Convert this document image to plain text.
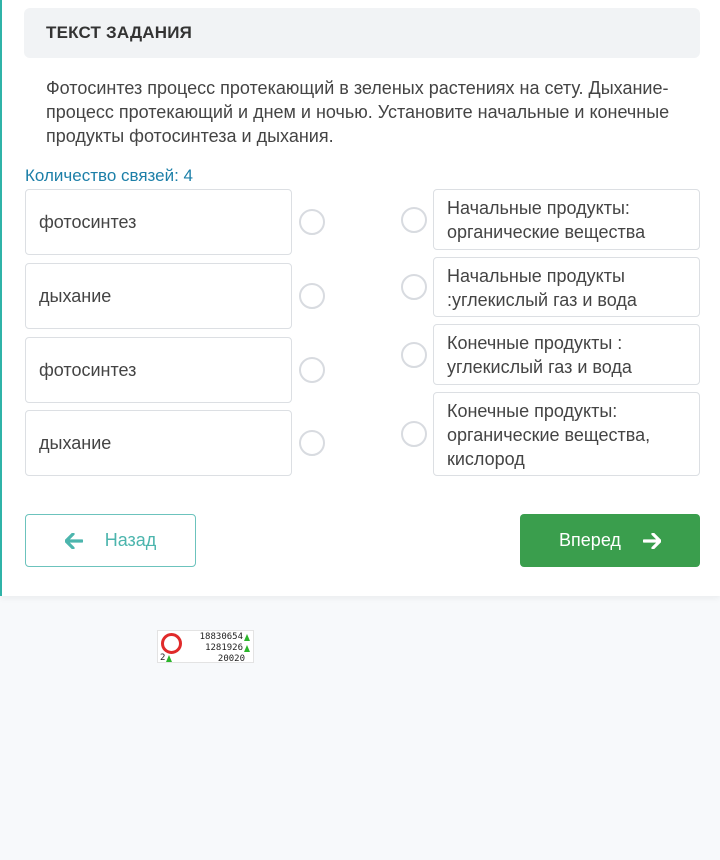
ТЕКСТ ЗАДАНИЯ
Фотосинтез процесс протекающий в зеленых растениях на сету. Дыхание- процесс протекающий и днем и ночью. Установите начальные и конечные продукты фотосинтеза и дыхания.
Количество связей: 4
фотосинтез
дыхание
фотосинтез
дыхание
Начальные продукты: органические вещества
Начальные продукты :углекислый газ и вода
Конечные продукты : углекислый газ и вода
Конечные продукты: органические вещества, кислород
Назад	Вперед
18830654
1281926
20020
2
